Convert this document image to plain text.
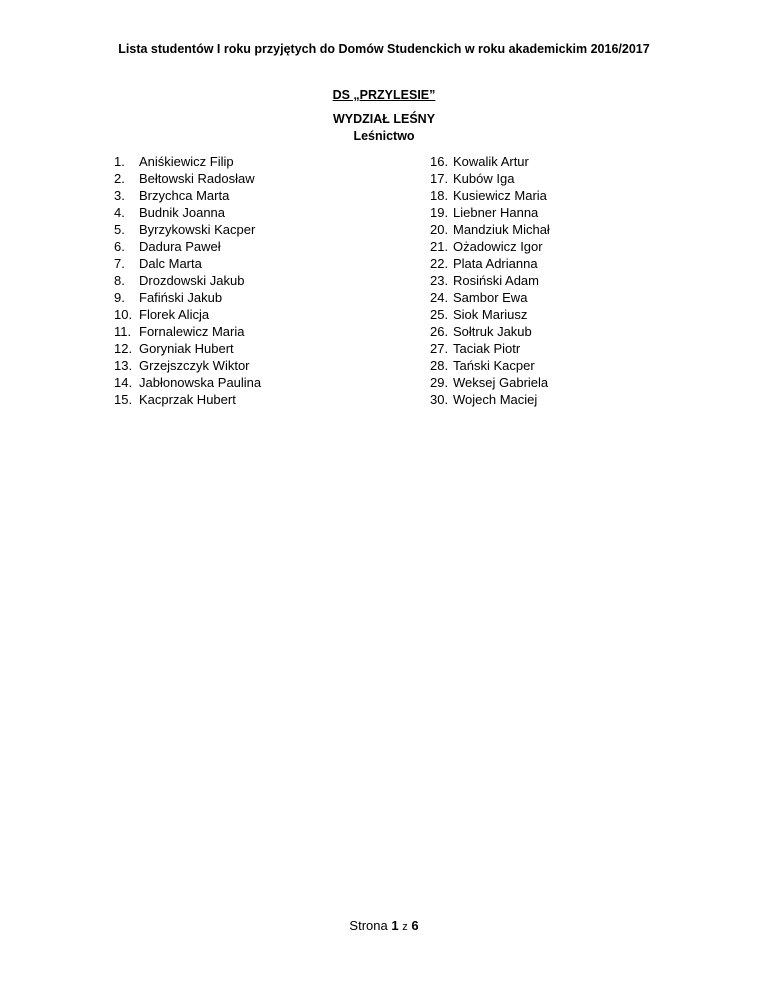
Lista studentów I roku przyjętych do Domów Studenckich w roku akademickim 2016/2017
DS „PRZYLESIE”
WYDZIAŁ LEŚNY
Leśnictwo
1.	Aniśkiewicz Filip
2.	Bełtowski Radosław
3.	Brzychca Marta
4.	Budnik Joanna
5.	Byrzykowski Kacper
6.	Dadura Paweł
7.	Dalc Marta
8.	Drozdowski Jakub
9.	Fafiński Jakub
10. Florek Alicja
11. Fornalewicz Maria
12. Goryniak Hubert
13. Grzejszczyk Wiktor
14. Jabłonowska Paulina
15. Kacprzak Hubert
16. Kowalik Artur
17. Kubów Iga
18. Kusiewicz Maria
19. Liebner Hanna
20. Mandziuk Michał
21. Ożadowicz Igor
22. Plata Adrianna
23. Rosiński Adam
24. Sambor Ewa
25. Siok Mariusz
26. Sołtruk Jakub
27. Taciak Piotr
28. Tański Kacper
29. Weksej Gabriela
30. Wojech Maciej
Strona 1 z 6
